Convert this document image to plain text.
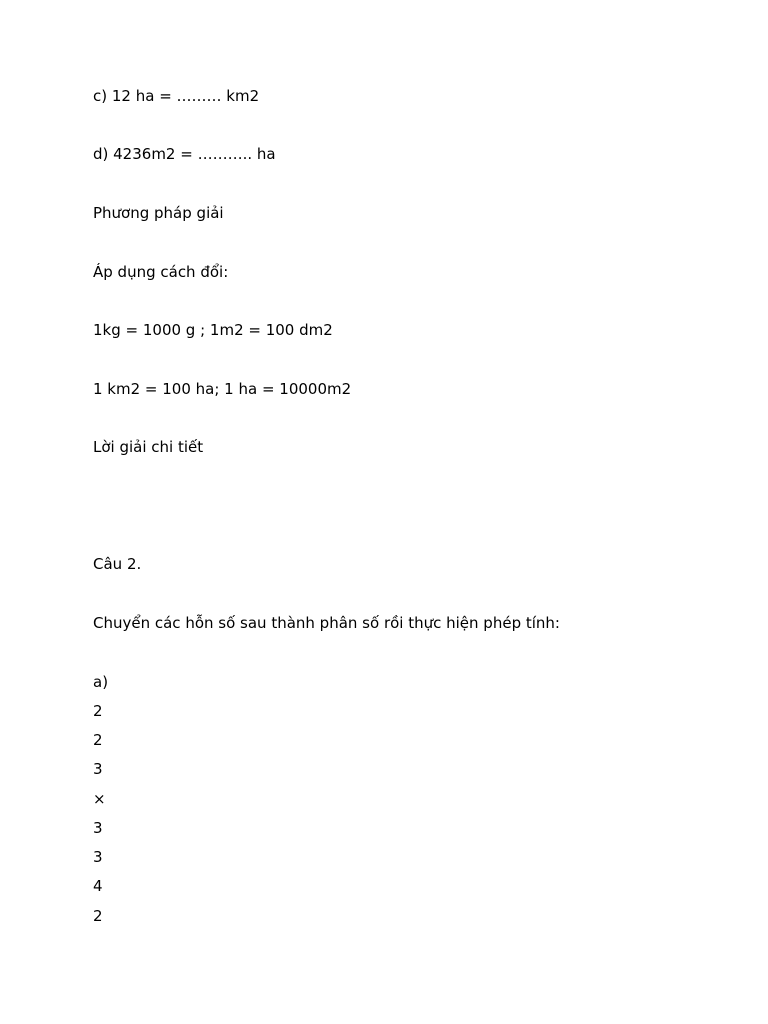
c) 12 ha = ……… km2
d) 4236m2 = ……….. ha
Phương pháp giải
Áp dụng cách đổi:
1kg = 1000 g ; 1m2 = 100 dm2
1 km2 = 100 ha; 1 ha = 10000m2
Lời giải chi tiết
Câu 2.
Chuyển các hỗn số sau thành phân số rồi thực hiện phép tính:
a)
2
2
3
×
3
3
4
2
